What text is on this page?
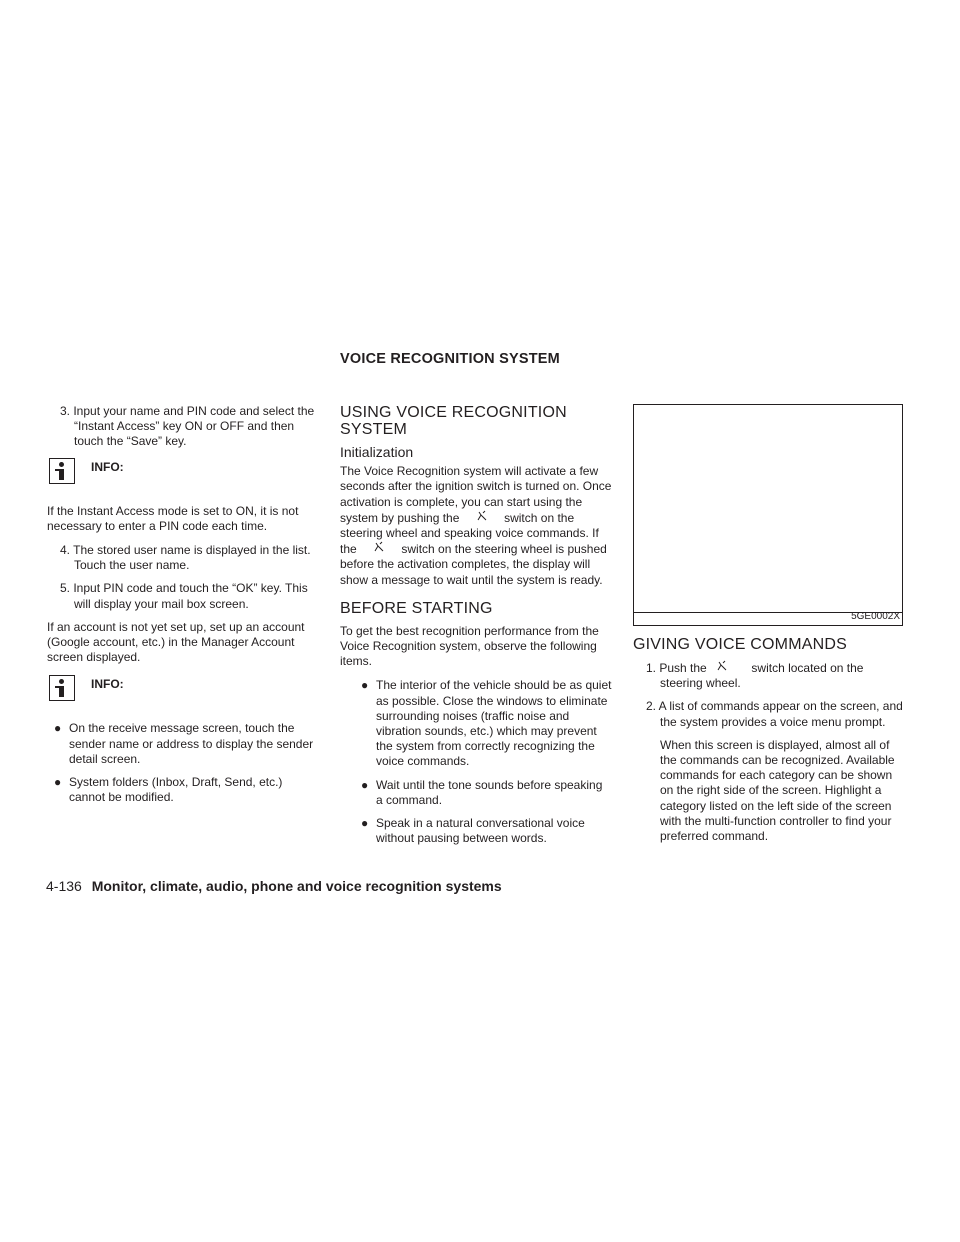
VOICE RECOGNITION SYSTEM

3. Input your name and PIN code and select the “Instant Access” key ON or OFF and then touch the “Save” key.

INFO:

If the Instant Access mode is set to ON, it is not necessary to enter a PIN code each time.

4. The stored user name is displayed in the list. Touch the user name.

5. Input PIN code and touch the “OK” key. This will display your mail box screen.

If an account is not yet set up, set up an account (Google account, etc.) in the Manager Account screen displayed.

INFO:
● On the receive message screen, touch the sender name or address to display the sender detail screen.
● System folders (Inbox, Draft, Send, etc.) cannot be modified.
USING VOICE RECOGNITION SYSTEM
Initialization

The Voice Recognition system will activate a few seconds after the ignition switch is turned on. Once activation is complete, you can start using the system by pushing the	switch on the steering wheel and speaking voice commands. If the	switch on the steering wheel is pushed before the activation completes, the display will show a message to wait until the system is ready.

BEFORE STARTING

To get the best recognition performance from the Voice Recognition system, observe the following items.

● The interior of the vehicle should be as quiet as possible. Close the windows to eliminate surrounding noises (traffic noise and vibration sounds, etc.) which may prevent the system from correctly recognizing the voice commands.
● Wait until the tone sounds before speaking a command.
● Speak in a natural conversational voice without pausing between words.
5GE0002X
GIVING VOICE COMMANDS

1. Push the	switch located on the steering wheel.

2. A list of commands appear on the screen, and the system provides a voice menu prompt.

When this screen is displayed, almost all of the commands can be recognized. Available commands for each category can be shown on the right side of the screen. Highlight a category listed on the left side of the screen with the multi-function controller to find your preferred command.

4-136 Monitor, climate, audio, phone and voice recognition systems
